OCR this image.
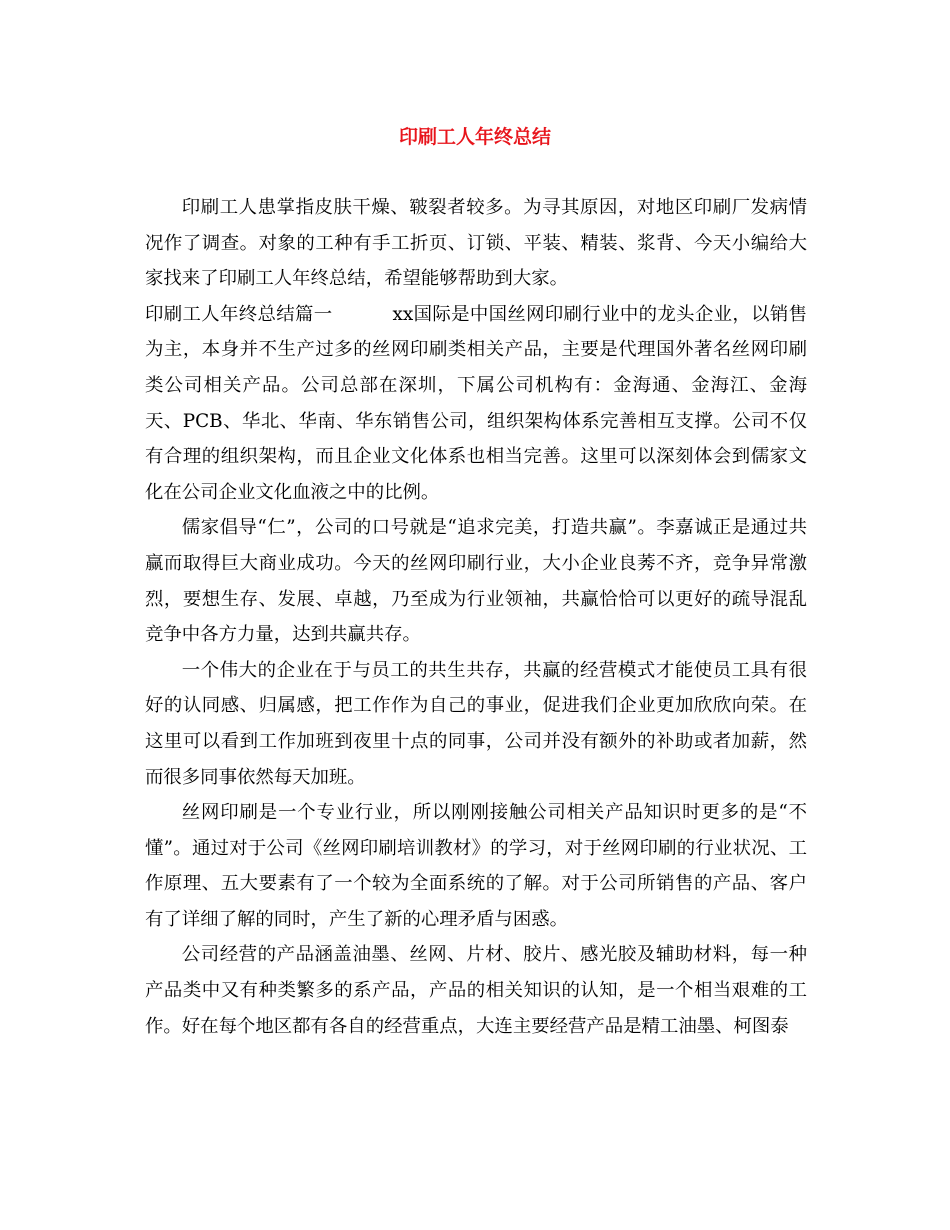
印刷工人年终总结

印刷工人患掌指皮肤干燥、皲裂者较多。为寻其原因，对地区印刷厂发病情况作了调查。对象的工种有手工折页、订锁、平装、精装、浆背、今天小编给大家找来了印刷工人年终总结，希望能够帮助到大家。

印刷工人年终总结篇一	xx国际是中国丝网印刷行业中的龙头企业，以销售为主，本身并不生产过多的丝网印刷类相关产品，主要是代理国外著名丝网印刷类公司相关产品。公司总部在深圳，下属公司机构有：金海通、金海江、金海天、PCB、华北、华南、华东销售公司，组织架构体系完善相互支撑。公司不仅有合理的组织架构，而且企业文化体系也相当完善。这里可以深刻体会到儒家文化在公司企业文化血液之中的比例。

儒家倡导“仁”，公司的口号就是“追求完美，打造共赢”。李嘉诚正是通过共赢而取得巨大商业成功。今天的丝网印刷行业，大小企业良莠不齐，竞争异常激烈，要想生存、发展、卓越，乃至成为行业领袖，共赢恰恰可以更好的疏导混乱竞争中各方力量，达到共赢共存。

一个伟大的企业在于与员工的共生共存，共赢的经营模式才能使员工具有很好的认同感、归属感，把工作作为自己的事业，促进我们企业更加欣欣向荣。在这里可以看到工作加班到夜里十点的同事，公司并没有额外的补助或者加薪，然而很多同事依然每天加班。

丝网印刷是一个专业行业，所以刚刚接触公司相关产品知识时更多的是“不懂”。通过对于公司《丝网印刷培训教材》的学习，对于丝网印刷的行业状况、工作原理、五大要素有了一个较为全面系统的了解。对于公司所销售的产品、客户有了详细了解的同时，产生了新的心理矛盾与困惑。

公司经营的产品涵盖油墨、丝网、片材、胶片、感光胶及辅助材料，每一种产品类中又有种类繁多的系产品，产品的相关知识的认知，是一个相当艰难的工作。好在每个地区都有各自的经营重点，大连主要经营产品是精工油墨、柯图泰
